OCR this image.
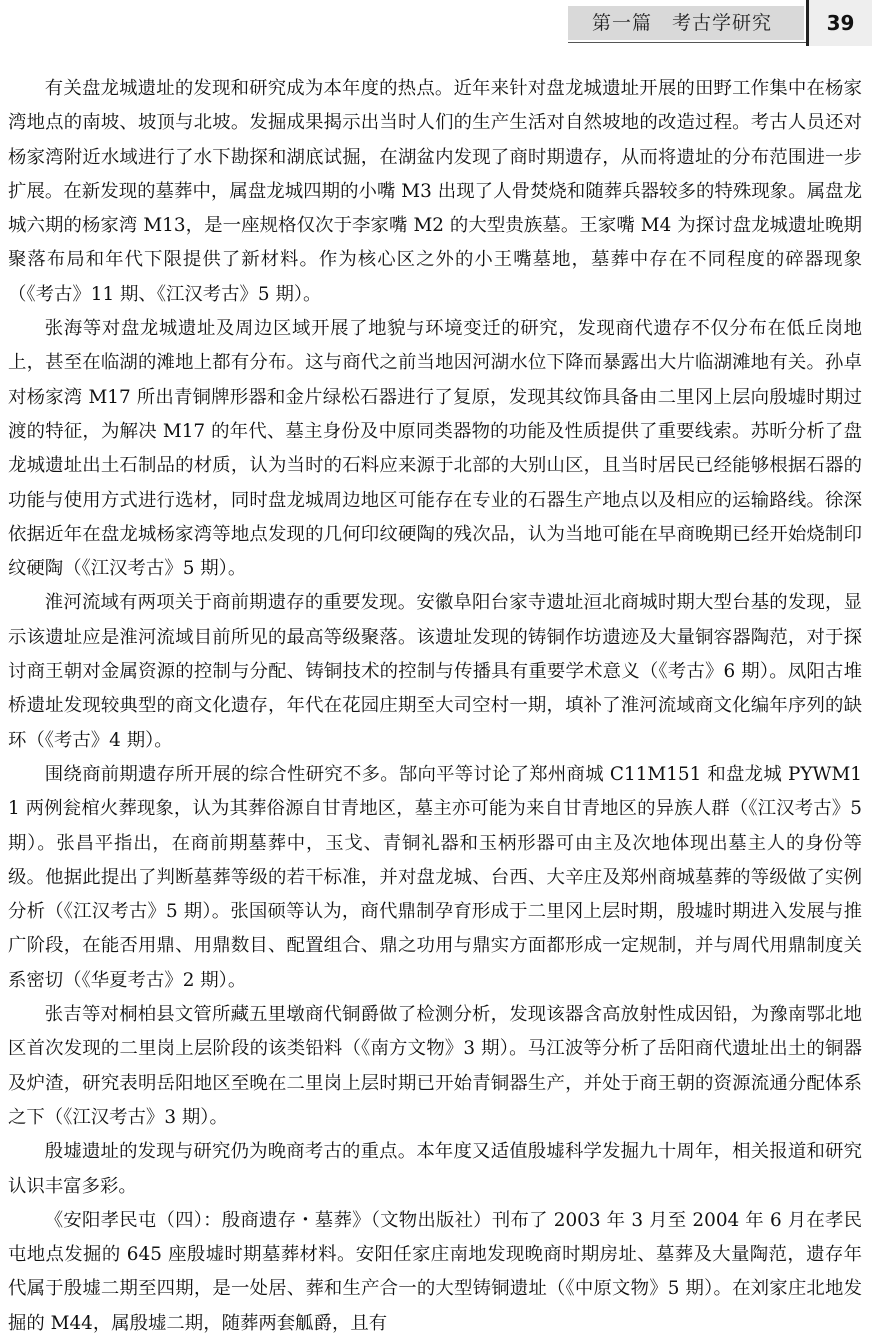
第一篇　考古学研究	39

有关盘龙城遗址的发现和研究成为本年度的热点。近年来针对盘龙城遗址开展的田野工作集中在杨家湾地点的南坡、坡顶与北坡。发掘成果揭示出当时人们的生产生活对自然坡地的改造过程。考古人员还对杨家湾附近水域进行了水下勘探和湖底试掘，在湖盆内发现了商时期遗存，从而将遗址的分布范围进一步扩展。在新发现的墓葬中，属盘龙城四期的小嘴 M3 出现了人骨焚烧和随葬兵器较多的特殊现象。属盘龙城六期的杨家湾 M13，是一座规格仅次于李家嘴 M2 的大型贵族墓。王家嘴 M4 为探讨盘龙城遗址晚期聚落布局和年代下限提供了新材料。作为核心区之外的小王嘴墓地，墓葬中存在不同程度的碎器现象（《考古》11 期、《江汉考古》5 期）。

张海等对盘龙城遗址及周边区域开展了地貌与环境变迁的研究，发现商代遗存不仅分布在低丘岗地上，甚至在临湖的滩地上都有分布。这与商代之前当地因河湖水位下降而暴露出大片临湖滩地有关。孙卓对杨家湾 M17 所出青铜牌形器和金片绿松石器进行了复原，发现其纹饰具备由二里冈上层向殷墟时期过渡的特征，为解决 M17 的年代、墓主身份及中原同类器物的功能及性质提供了重要线索。苏昕分析了盘龙城遗址出土石制品的材质，认为当时的石料应来源于北部的大别山区，且当时居民已经能够根据石器的功能与使用方式进行选材，同时盘龙城周边地区可能存在专业的石器生产地点以及相应的运输路线。徐深依据近年在盘龙城杨家湾等地点发现的几何印纹硬陶的残次品，认为当地可能在早商晚期已经开始烧制印纹硬陶（《江汉考古》5 期）。

淮河流域有两项关于商前期遗存的重要发现。安徽阜阳台家寺遗址洹北商城时期大型台基的发现，显示该遗址应是淮河流域目前所见的最高等级聚落。该遗址发现的铸铜作坊遗迹及大量铜容器陶范，对于探讨商王朝对金属资源的控制与分配、铸铜技术的控制与传播具有重要学术意义（《考古》6 期）。凤阳古堆桥遗址发现较典型的商文化遗存，年代在花园庄期至大司空村一期，填补了淮河流域商文化编年序列的缺环（《考古》4 期）。

围绕商前期遗存所开展的综合性研究不多。郜向平等讨论了郑州商城 C11M151 和盘龙城 PYWM11 两例瓮棺火葬现象，认为其葬俗源自甘青地区，墓主亦可能为来自甘青地区的异族人群（《江汉考古》5 期）。张昌平指出，在商前期墓葬中，玉戈、青铜礼器和玉柄形器可由主及次地体现出墓主人的身份等级。他据此提出了判断墓葬等级的若干标准，并对盘龙城、台西、大辛庄及郑州商城墓葬的等级做了实例分析（《江汉考古》5 期）。张国硕等认为，商代鼎制孕育形成于二里冈上层时期，殷墟时期进入发展与推广阶段，在能否用鼎、用鼎数目、配置组合、鼎之功用与鼎实方面都形成一定规制，并与周代用鼎制度关系密切（《华夏考古》2 期）。

张吉等对桐柏县文管所藏五里墩商代铜爵做了检测分析，发现该器含高放射性成因铅，为豫南鄂北地区首次发现的二里岗上层阶段的该类铅料（《南方文物》3 期）。马江波等分析了岳阳商代遗址出土的铜器及炉渣，研究表明岳阳地区至晚在二里岗上层时期已开始青铜器生产，并处于商王朝的资源流通分配体系之下（《江汉考古》3 期）。

殷墟遗址的发现与研究仍为晚商考古的重点。本年度又适值殷墟科学发掘九十周年，相关报道和研究认识丰富多彩。

《安阳孝民屯（四）：殷商遗存・墓葬》（文物出版社）刊布了 2003 年 3 月至 2004 年 6 月在孝民屯地点发掘的 645 座殷墟时期墓葬材料。安阳任家庄南地发现晚商时期房址、墓葬及大量陶范，遗存年代属于殷墟二期至四期，是一处居、葬和生产合一的大型铸铜遗址（《中原文物》5 期）。在刘家庄北地发掘的 M44，属殷墟二期，随葬两套觚爵，且有
